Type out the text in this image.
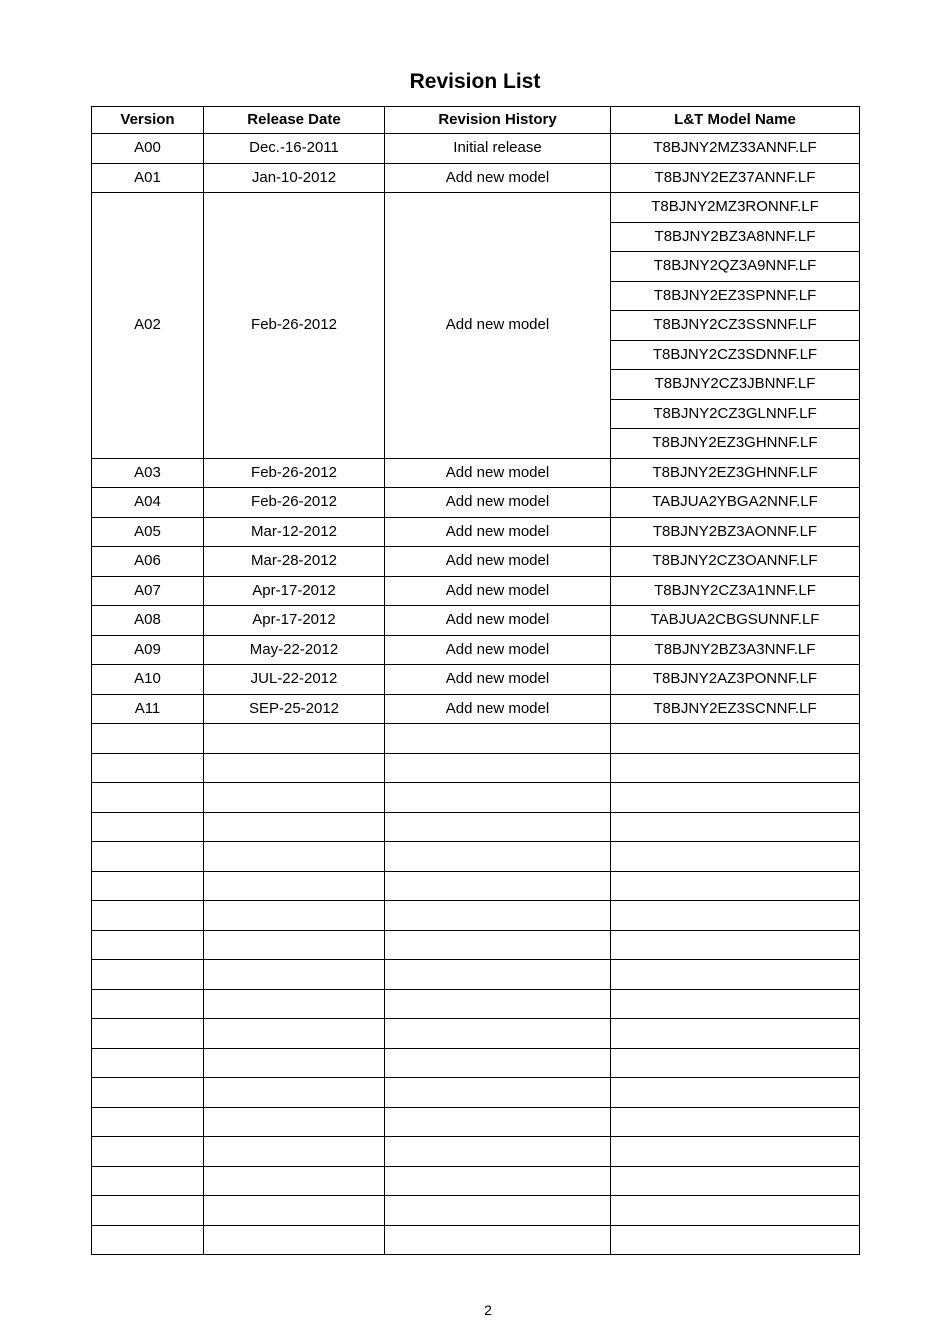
Revision List
Version	Release Date	Revision History	L&T Model Name
A00	Dec.-16-2011	Initial release	T8BJNY2MZ33ANNF.LF
A01	Jan-10-2012	Add new model	T8BJNY2EZ37ANNF.LF
A02	Feb-26-2012	Add new model	T8BJNY2MZ3RONNF.LF
			T8BJNY2BZ3A8NNF.LF
			T8BJNY2QZ3A9NNF.LF
			T8BJNY2EZ3SPNNF.LF
			T8BJNY2CZ3SSNNF.LF
			T8BJNY2CZ3SDNNF.LF
			T8BJNY2CZ3JBNNF.LF
			T8BJNY2CZ3GLNNF.LF
			T8BJNY2EZ3GHNNF.LF
A03	Feb-26-2012	Add new model	T8BJNY2EZ3GHNNF.LF
A04	Feb-26-2012	Add new model	TABJUA2YBGA2NNF.LF
A05	Mar-12-2012	Add new model	T8BJNY2BZ3AONNF.LF
A06	Mar-28-2012	Add new model	T8BJNY2CZ3OANNF.LF
A07	Apr-17-2012	Add new model	T8BJNY2CZ3A1NNF.LF
A08	Apr-17-2012	Add new model	TABJUA2CBGSUNNF.LF
A09	May-22-2012	Add new model	T8BJNY2BZ3A3NNF.LF
A10	JUL-22-2012	Add new model	T8BJNY2AZ3PONNF.LF
A11	SEP-25-2012	Add new model	T8BJNY2EZ3SCNNF.LF

2
